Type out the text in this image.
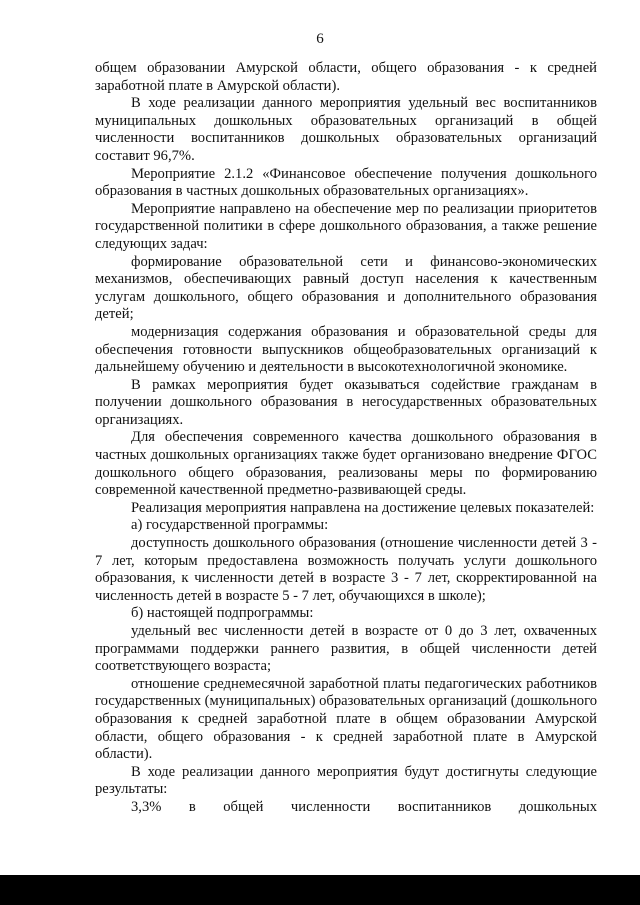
6

общем образовании Амурской области, общего образования - к средней заработной плате в Амурской области).

В ходе реализации данного мероприятия удельный вес воспитанников муниципальных дошкольных образовательных организаций в общей численности воспитанников дошкольных образовательных организаций составит 96,7%.

Мероприятие 2.1.2 «Финансовое обеспечение получения дошкольного образования в частных дошкольных образовательных организациях».

Мероприятие направлено на обеспечение мер по реализации приоритетов государственной политики в сфере дошкольного образования, а также решение следующих задач:

формирование образовательной сети и финансово-экономических механизмов, обеспечивающих равный доступ населения к качественным услугам дошкольного, общего образования и дополнительного образования детей;

модернизация содержания образования и образовательной среды для обеспечения готовности выпускников общеобразовательных организаций к дальнейшему обучению и деятельности в высокотехнологичной экономике.

В рамках мероприятия будет оказываться содействие гражданам в получении дошкольного образования в негосударственных образовательных организациях.

Для обеспечения современного качества дошкольного образования в частных дошкольных организациях также будет организовано внедрение ФГОС дошкольного общего образования, реализованы меры по формированию современной качественной предметно-развивающей среды.

Реализация мероприятия направлена на достижение целевых показателей:

а) государственной программы:

доступность дошкольного образования (отношение численности детей 3 - 7 лет, которым предоставлена возможность получать услуги дошкольного образования, к численности детей в возрасте 3 - 7 лет, скорректированной на численность детей в возрасте 5 - 7 лет, обучающихся в школе);

б) настоящей подпрограммы:

удельный вес численности детей в возрасте от 0 до 3 лет, охваченных программами поддержки раннего развития, в общей численности детей соответствующего возраста;

отношение среднемесячной заработной платы педагогических работников государственных (муниципальных) образовательных организаций (дошкольного образования к средней заработной плате в общем образовании Амурской области, общего образования - к средней заработной плате в Амурской области).

В ходе реализации данного мероприятия будут достигнуты следующие результаты:

3,3% в общей численности воспитанников дошкольных
